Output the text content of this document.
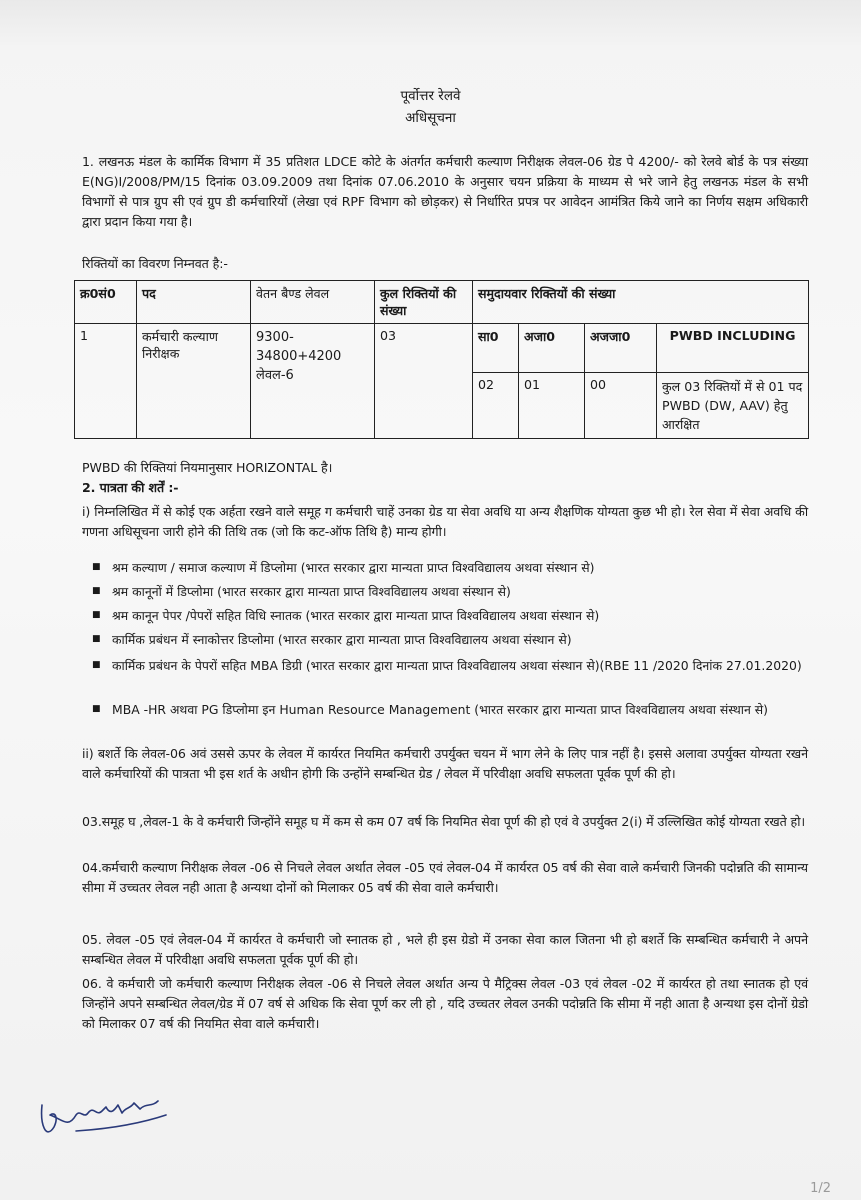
पूर्वोत्तर रेलवे
अधिसूचना
1. लखनऊ मंडल के कार्मिक विभाग में 35 प्रतिशत LDCE कोटे के अंतर्गत कर्मचारी कल्याण निरीक्षक लेवल-06 ग्रेड पे 4200/- को रेलवे बोर्ड के पत्र संख्या E(NG)I/2008/PM/15 दिनांक 03.09.2009 तथा दिनांक 07.06.2010 के अनुसार चयन प्रक्रिया के माध्यम से भरे जाने हेतु लखनऊ मंडल के सभी विभागों से पात्र ग्रुप सी एवं ग्रुप डी कर्मचारियों (लेखा एवं RPF विभाग को छोड़कर) से निर्धारित प्रपत्र पर आवेदन आमंत्रित किये जाने का निर्णय सक्षम अधिकारी द्वारा प्रदान किया गया है।
रिक्तियों का विवरण निम्नवत है:-
क्र0सं0	पद	वेतन बैण्ड लेवल	कुल रिक्तियों की संख्या	समुदायवार रिक्तियों की संख्या			
1	कर्मचारी कल्याण निरीक्षक	9300-34800+4200 लेवल-6	03	सा0	अजा0	अजजा0	PWBD INCLUDING
				02	01	00	कुल 03 रिक्तियों में से 01 पद PWBD (DW, AAV) हेतु आरक्षित
PWBD की रिक्तियां नियमानुसार HORIZONTAL है।
2. पात्रता की शर्तें :-
i) निम्नलिखित में से कोई एक अर्हता रखने वाले समूह ग कर्मचारी चाहें उनका ग्रेड या सेवा अवधि या अन्य शैक्षणिक योग्यता कुछ भी हो। रेल सेवा में सेवा अवधि की गणना अधिसूचना जारी होने की तिथि तक (जो कि कट-ऑफ तिथि है) मान्य होगी।
■ श्रम कल्याण / समाज कल्याण में डिप्लोमा (भारत सरकार द्वारा मान्यता प्राप्त विश्वविद्यालय अथवा संस्थान से)
■ श्रम कानूनों में डिप्लोमा (भारत सरकार द्वारा मान्यता प्राप्त विश्वविद्यालय अथवा संस्थान से)
■ श्रम कानून पेपर /पेपरों सहित विधि स्नातक (भारत सरकार द्वारा मान्यता प्राप्त विश्वविद्यालय अथवा संस्थान से)
■ कार्मिक प्रबंधन में स्नाकोत्तर डिप्लोमा (भारत सरकार द्वारा मान्यता प्राप्त विश्वविद्यालय अथवा संस्थान से)
■ कार्मिक प्रबंधन के पेपरों सहित MBA डिग्री (भारत सरकार द्वारा मान्यता प्राप्त विश्वविद्यालय अथवा संस्थान से)(RBE 11 /2020 दिनांक 27.01.2020)
■ MBA -HR अथवा PG डिप्लोमा इन Human Resource Management (भारत सरकार द्वारा मान्यता प्राप्त विश्वविद्यालय अथवा संस्थान से)
ii) बशर्ते कि लेवल-06 अवं उससे ऊपर के लेवल में कार्यरत नियमित कर्मचारी उपर्युक्त चयन में भाग लेने के लिए पात्र नहीं है। इससे अलावा उपर्युक्त योग्यता रखने वाले कर्मचारियों की पात्रता भी इस शर्त के अधीन होगी कि उन्होंने सम्बन्धित ग्रेड / लेवल में परिवीक्षा अवधि सफलता पूर्वक पूर्ण की हो।
03.समूह घ ,लेवल-1 के वे कर्मचारी जिन्होंने समूह घ में कम से कम 07 वर्ष कि नियमित सेवा पूर्ण की हो एवं वे उपर्युक्त 2(i) में उल्लिखित कोई योग्यता रखते हो।
04.कर्मचारी कल्याण निरीक्षक लेवल -06 से निचले लेवल अर्थात लेवल -05 एवं लेवल-04 में कार्यरत 05 वर्ष की सेवा वाले कर्मचारी जिनकी पदोन्नति की सामान्य सीमा में उच्चतर लेवल नही आता है अन्यथा दोनों को मिलाकर 05 वर्ष की सेवा वाले कर्मचारी।
05. लेवल -05 एवं लेवल-04 में कार्यरत वे कर्मचारी जो स्नातक हो , भले ही इस ग्रेडो में उनका सेवा काल जितना भी हो बशर्ते कि सम्बन्धित कर्मचारी ने अपने सम्बन्धित लेवल में परिवीक्षा अवधि सफलता पूर्वक पूर्ण की हो।
06. वे कर्मचारी जो कर्मचारी कल्याण निरीक्षक लेवल -06 से निचले लेवल अर्थात अन्य पे मैट्रिक्स लेवल -03 एवं लेवल -02 में कार्यरत हो तथा स्नातक हो एवं जिन्होंने अपने सम्बन्धित लेवल/ग्रेड में 07 वर्ष से अधिक कि सेवा पूर्ण कर ली हो , यदि उच्चतर लेवल उनकी पदोन्नति कि सीमा में नही आता है अन्यथा इस दोनों ग्रेडो को मिलाकर 07 वर्ष की नियमित सेवा वाले कर्मचारी।
1/2
